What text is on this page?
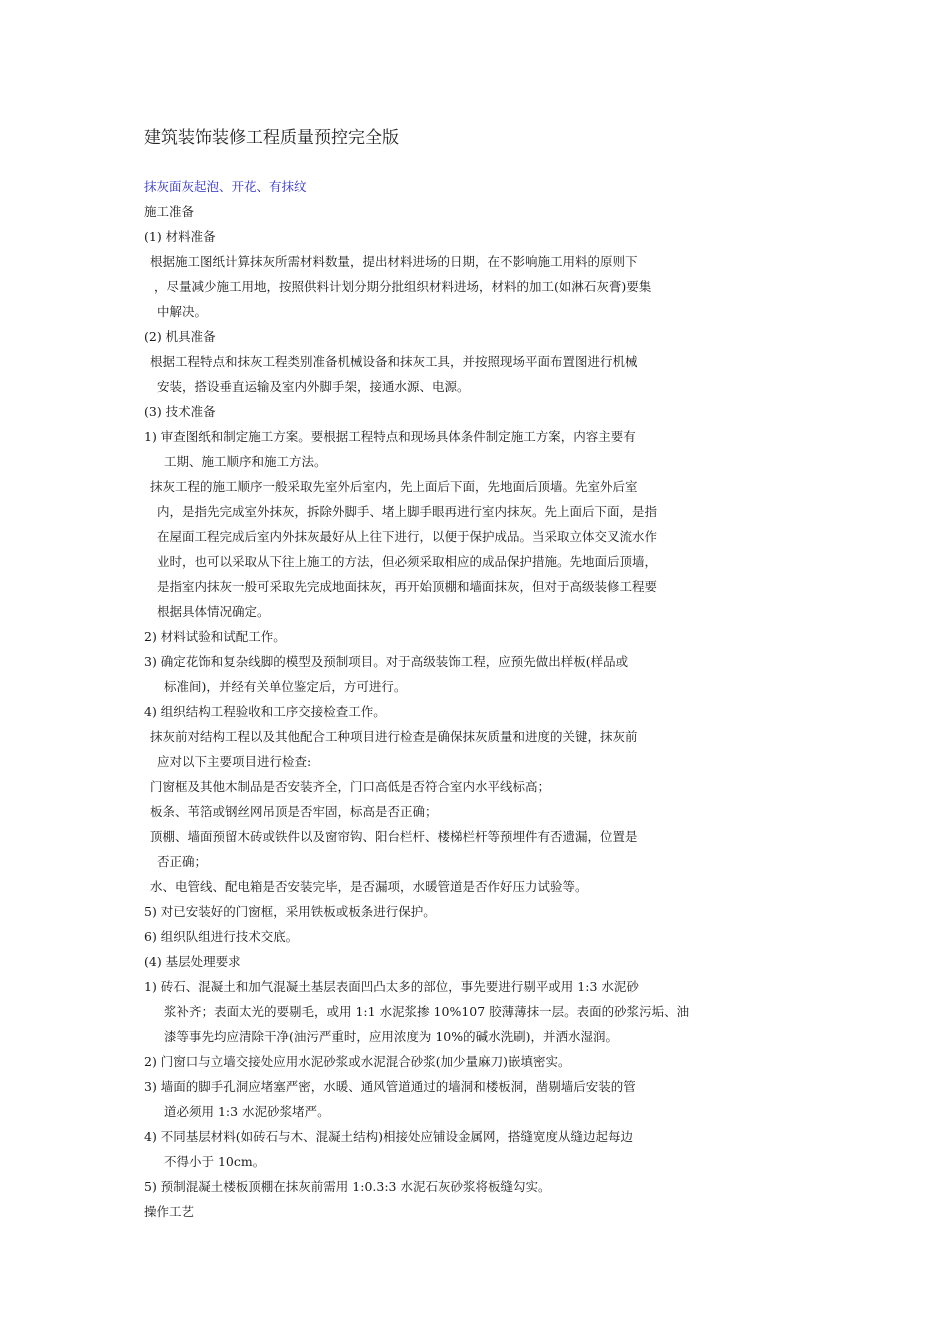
建筑装饰装修工程质量预控完全版
抹灰面灰起泡、开花、有抹纹
施工准备
(1) 材料准备
根据施工图纸计算抹灰所需材料数量，提出材料进场的日期，在不影响施工用料的原则下
，尽量减少施工用地，按照供料计划分期分批组织材料进场，材料的加工(如淋石灰膏)要集
中解决。
(2) 机具准备
根据工程特点和抹灰工程类别准备机械设备和抹灰工具，并按照现场平面布置图进行机械
安装，搭设垂直运输及室内外脚手架，接通水源、电源。
(3) 技术准备
1) 审查图纸和制定施工方案。要根据工程特点和现场具体条件制定施工方案，内容主要有
工期、施工顺序和施工方法。
抹灰工程的施工顺序一般采取先室外后室内，先上面后下面，先地面后顶墙。先室外后室
内，是指先完成室外抹灰，拆除外脚手、堵上脚手眼再进行室内抹灰。先上面后下面，是指
在屋面工程完成后室内外抹灰最好从上往下进行，以便于保护成品。当采取立体交叉流水作
业时，也可以采取从下往上施工的方法，但必须采取相应的成品保护措施。先地面后顶墙，
是指室内抹灰一般可采取先完成地面抹灰，再开始顶棚和墙面抹灰，但对于高级装修工程要
根据具体情况确定。
2) 材料试验和试配工作。
3) 确定花饰和复杂线脚的模型及预制项目。对于高级装饰工程，应预先做出样板(样品或
标准间)，并经有关单位鉴定后，方可进行。
4) 组织结构工程验收和工序交接检查工作。
抹灰前对结构工程以及其他配合工种项目进行检查是确保抹灰质量和进度的关键，抹灰前
应对以下主要项目进行检查:
门窗框及其他木制品是否安装齐全，门口高低是否符合室内水平线标高；
板条、苇箔或钢丝网吊顶是否牢固，标高是否正确；
顶棚、墙面预留木砖或铁件以及窗帘钩、阳台栏杆、楼梯栏杆等预埋件有否遗漏，位置是
否正确；
水、电管线、配电箱是否安装完毕，是否漏项，水暖管道是否作好压力试验等。
5) 对已安装好的门窗框，采用铁板或板条进行保护。
6) 组织队组进行技术交底。
(4) 基层处理要求
1) 砖石、混凝土和加气混凝土基层表面凹凸太多的部位，事先要进行剔平或用 1:3 水泥砂
浆补齐；表面太光的要剔毛，或用 1:1 水泥浆掺 10%107 胶薄薄抹一层。表面的砂浆污垢、油
漆等事先均应清除干净(油污严重时，应用浓度为 10%的碱水洗刷)，并洒水湿润。
2) 门窗口与立墙交接处应用水泥砂浆或水泥混合砂浆(加少量麻刀)嵌填密实。
3) 墙面的脚手孔洞应堵塞严密，水暖、通风管道通过的墙洞和楼板洞，凿剔墙后安装的管
道必须用 1:3 水泥砂浆堵严。
4) 不同基层材料(如砖石与木、混凝土结构)相接处应铺设金属网，搭缝宽度从缝边起每边
不得小于 10cm。
5) 预制混凝土楼板顶棚在抹灰前需用 1:0.3:3 水泥石灰砂浆将板缝勾实。
操作工艺
